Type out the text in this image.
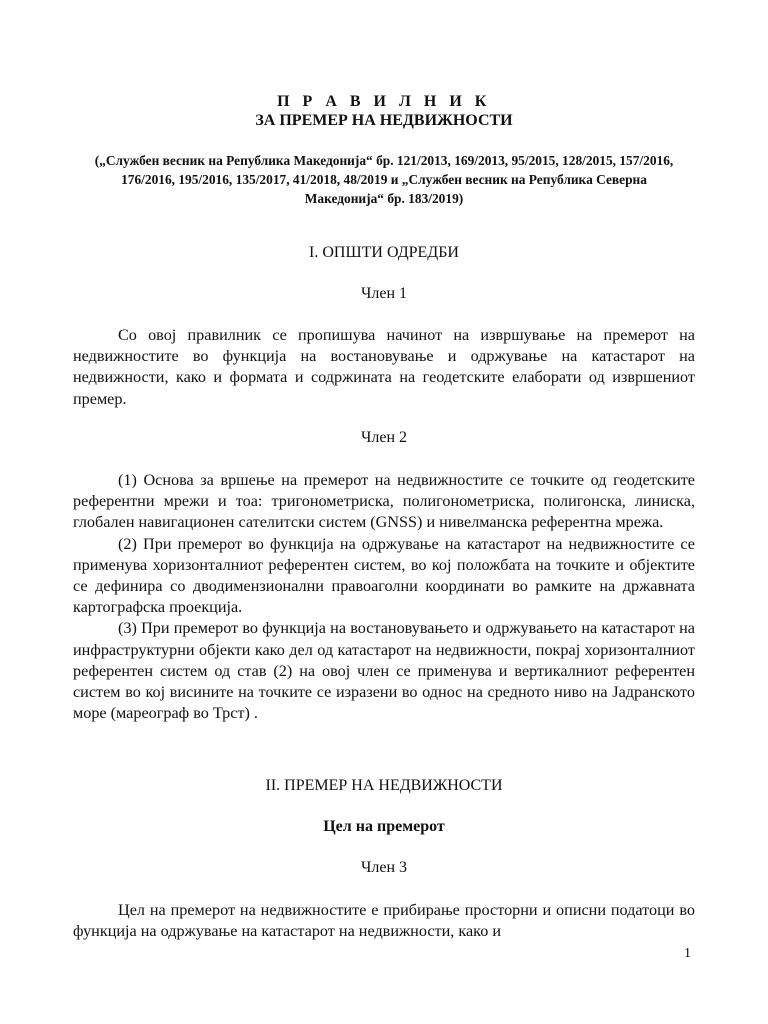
П Р А В И Л Н И К
ЗА ПРЕМЕР НА НЕДВИЖНОСТИ
(„Службен весник на Република Македонија“ бр. 121/2013, 169/2013, 95/2015, 128/2015, 157/2016, 176/2016, 195/2016, 135/2017, 41/2018, 48/2019 и „Службен весник на Република Северна Македонија“ бр. 183/2019)
I. ОПШТИ ОДРЕДБИ
Член 1
Со овој правилник се пропишува начинот на извршување на премерот на недвижностите во функција на востановување и одржување на катастарот на недвижности, како и формата и содржината на геодетските елаборати од извршениот премер.
Член 2

(1) Основа за вршење на премерот на недвижностите се точките од геодетските референтни мрежи и тоа: тригонометриска, полигонометриска, полигонска, линиска, глобален навигационен сателитски систем (GNSS) и нивелманска референтна мрежа.

(2) При премерот во функција на одржување на катастарот на недвижностите се применува хоризонталниот референтен систем, во кој положбата на точките и објектите се дефинира со дводимензионални правоаголни координати во рамките на државната картографска проекција.

(3) При премерот во функција на востановувањето и одржувањето на катастарот на инфраструктурни објекти како дел од катастарот на недвижности, покрај хоризонталниот референтен систем од став (2) на овој член се применува и вертикалниот референтен систем во кој висините на точките се изразени во однос на средното ниво на Јадранското море (мареограф во Трст) .

II. ПРЕМЕР НА НЕДВИЖНОСТИ
Цел на премерот
Член 3
Цел на премерот на недвижностите е прибирање просторни и описни податоци во функција на одржување на катастарот на недвижности, како и
1
